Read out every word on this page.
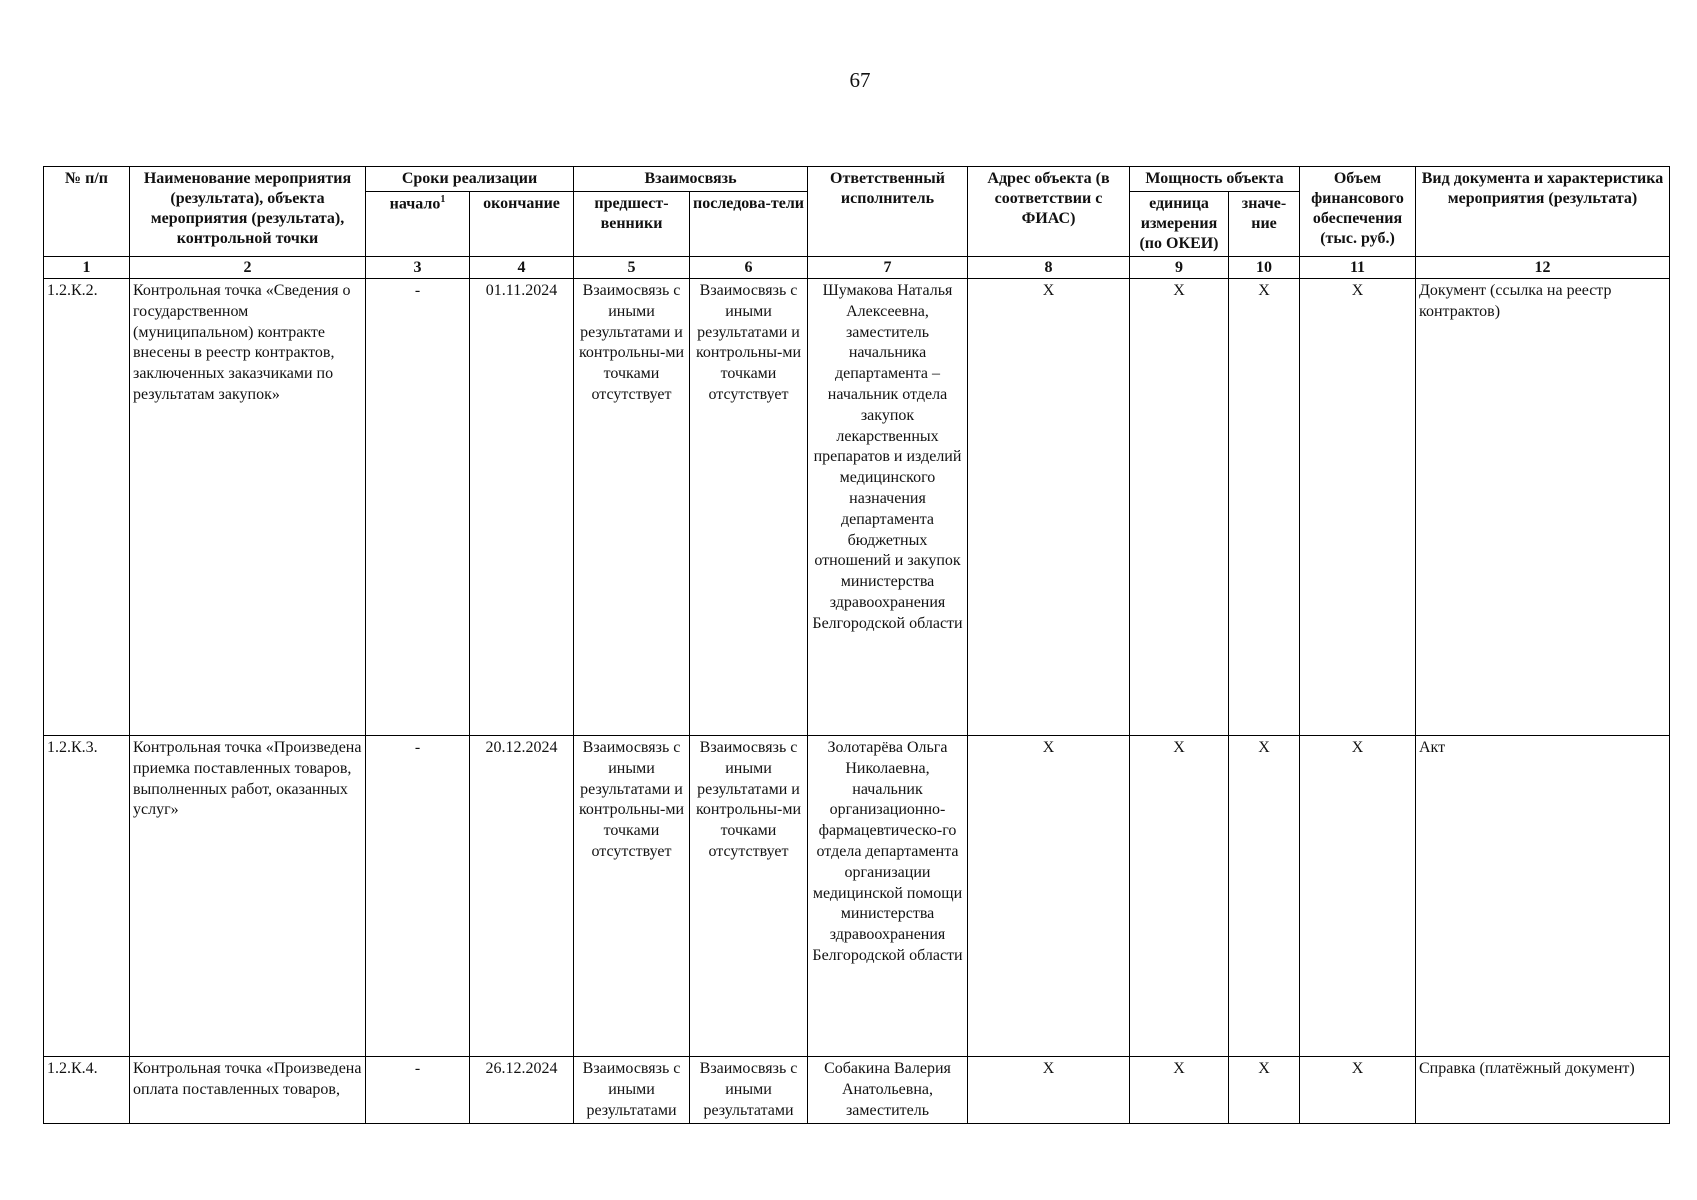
67
№ п/п	Наименование мероприятия (результата), объекта мероприятия (результата), контрольной точки	Сроки реализации		Взаимосвязь		Ответственный исполнитель	Адрес объекта (в соответствии с ФИАС)	Мощность объекта		Объем финансового обеспечения (тыс. руб.)	Вид документа и характеристика мероприятия (результата)
		начало$^1$	окончание	предшест-венники	последова-тели			единица измерения (по ОКЕИ)	значе-ние		
1	2	3	4	5	6	7	8	9	10	11	12
1.2.К.2.	Контрольная точка «Сведения о государственном (муниципальном) контракте внесены в реестр контрактов, заключенных заказчиками по результатам закупок»	-	01.11.2024	Взаимосвязь с иными результатами и контрольны-ми точками отсутствует	Взаимосвязь с иными результатами и контрольны-ми точками отсутствует	Шумакова Наталья Алексеевна, заместитель начальника департамента – начальник отдела закупок лекарственных препаратов и изделий медицинского назначения департамента бюджетных отношений и закупок министерства здравоохранения Белгородской области	X	X	X	X	Документ (ссылка на реестр контрактов)
1.2.К.3.	Контрольная точка «Произведена приемка поставленных товаров, выполненных работ, оказанных услуг»	-	20.12.2024	Взаимосвязь с иными результатами и контрольны-ми точками отсутствует	Взаимосвязь с иными результатами и контрольны-ми точками отсутствует	Золотарёва Ольга Николаевна, начальник организационно-фармацевтическо-го отдела департамента организации медицинской помощи министерства здравоохранения Белгородской области	X	X	X	X	Акт
1.2.К.4.	Контрольная точка «Произведена оплата поставленных товаров,	-	26.12.2024	Взаимосвязь с иными результатами	Взаимосвязь с иными результатами	Собакина Валерия Анатольевна, заместитель	X	X	X	X	Справка (платёжный документ)
